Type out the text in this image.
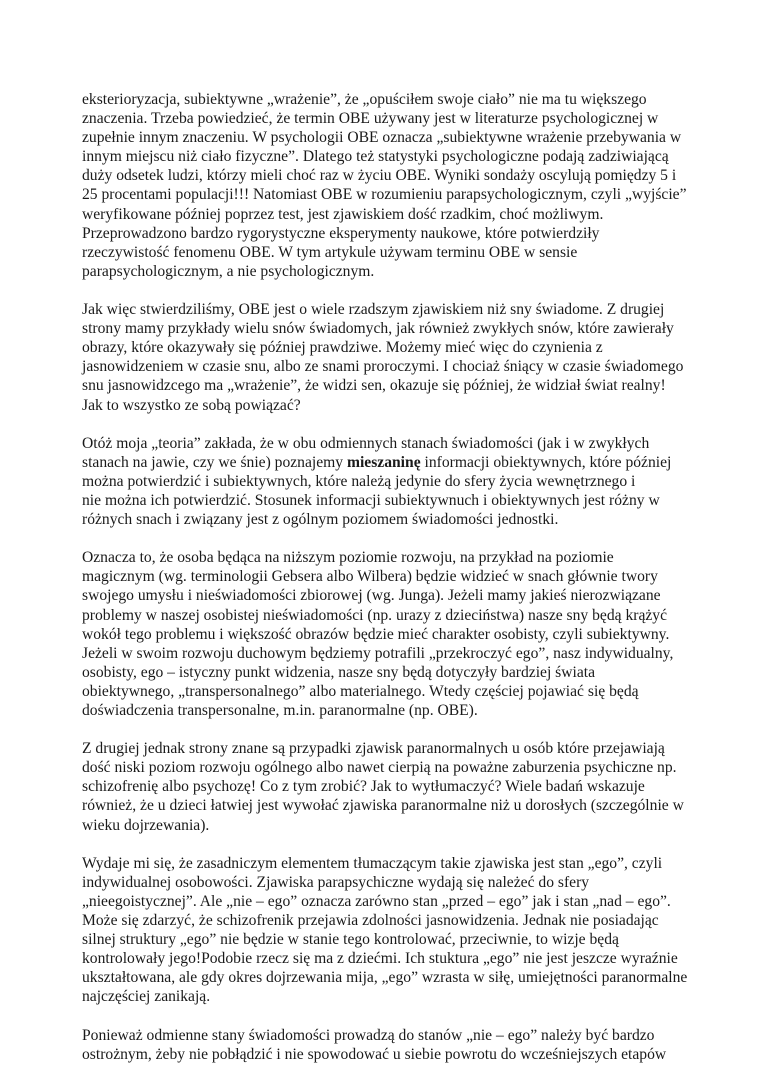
eksterioryzacja, subiektywne „wrażenie”, że „opuściłem swoje ciało” nie ma tu większego
znaczenia. Trzeba powiedzieć, że termin OBE używany jest w literaturze psychologicznej w
zupełnie innym znaczeniu. W psychologii OBE oznacza „subiektywne wrażenie przebywania w
innym miejscu niż ciało fizyczne”. Dlatego też statystyki psychologiczne podają zadziwiającą
duży odsetek ludzi, którzy mieli choć raz w życiu OBE. Wyniki sondaży oscylują pomiędzy 5 i
25 procentami populacji!!! Natomiast OBE w rozumieniu parapsychologicznym, czyli „wyjście”
weryfikowane później poprzez test, jest zjawiskiem dość rzadkim, choć możliwym.
Przeprowadzono bardzo rygorystyczne eksperymenty naukowe, które potwierdziły
rzeczywistość fenomenu OBE. W tym artykule używam terminu OBE w sensie
parapsychologicznym, a nie psychologicznym.

Jak więc stwierdziliśmy, OBE jest o wiele rzadszym zjawiskiem niż sny świadome. Z drugiej
strony mamy przykłady wielu snów świadomych, jak również zwykłych snów, które zawierały
obrazy, które okazywały się później prawdziwe. Możemy mieć więc do czynienia z
jasnowidzeniem w czasie snu, albo ze snami proroczymi. I chociaż śniący w czasie świadomego
snu jasnowidzcego ma „wrażenie”, że widzi sen, okazuje się później, że widział świat realny!
Jak to wszystko ze sobą powiązać?

Otóż moja „teoria” zakłada, że w obu odmiennych stanach świadomości (jak i w zwykłych
stanach na jawie, czy we śnie) poznajemy mieszaninę informacji obiektywnych, które później
można potwierdzić i subiektywnych, które należą jedynie do sfery życia wewnętrznego i
nie można ich potwierdzić. Stosunek informacji subiektywnuch i obiektywnych jest różny w
różnych snach i związany jest z ogólnym poziomem świadomości jednostki.

Oznacza to, że osoba będąca na niższym poziomie rozwoju, na przykład na poziomie
magicznym (wg. terminologii Gebsera albo Wilbera) będzie widzieć w snach głównie twory
swojego umysłu i nieświadomości zbiorowej (wg. Junga). Jeżeli mamy jakieś nierozwiązane
problemy w naszej osobistej nieświadomości (np. urazy z dzieciństwa) nasze sny będą krążyć
wokół tego problemu i większość obrazów będzie mieć charakter osobisty, czyli subiektywny.
Jeżeli w swoim rozwoju duchowym będziemy potrafili „przekroczyć ego”, nasz indywidualny,
osobisty, ego – istyczny punkt widzenia, nasze sny będą dotyczyły bardziej świata
obiektywnego, „transpersonalnego” albo materialnego. Wtedy częściej pojawiać się będą
doświadczenia transpersonalne, m.in. paranormalne (np. OBE).

Z drugiej jednak strony znane są przypadki zjawisk paranormalnych u osób które przejawiają
dość niski poziom rozwoju ogólnego albo nawet cierpią na poważne zaburzenia psychiczne np.
schizofrenię albo psychozę! Co z tym zrobić? Jak to wytłumaczyć? Wiele badań wskazuje
również, że u dzieci łatwiej jest wywołać zjawiska paranormalne niż u dorosłych (szczególnie w
wieku dojrzewania).

Wydaje mi się, że zasadniczym elementem tłumaczącym takie zjawiska jest stan „ego”, czyli
indywidualnej osobowości. Zjawiska parapsychiczne wydają się należeć do sfery
„nieegoistycznej”. Ale „nie – ego” oznacza zarówno stan „przed – ego” jak i stan „nad – ego”.
Może się zdarzyć, że schizofrenik przejawia zdolności jasnowidzenia. Jednak nie posiadając
silnej struktury „ego” nie będzie w stanie tego kontrolować, przeciwnie, to wizje będą
kontrolowały jego!Podobie rzecz się ma z dziećmi. Ich stuktura „ego” nie jest jeszcze wyraźnie
ukształtowana, ale gdy okres dojrzewania mija, „ego” wzrasta w siłę, umiejętności paranormalne
najczęściej zanikają.

Ponieważ odmienne stany świadomości prowadzą do stanów „nie – ego” należy być bardzo
ostrożnym, żeby nie pobłądzić i nie spowodować u siebie powrotu do wcześniejszych etapów
